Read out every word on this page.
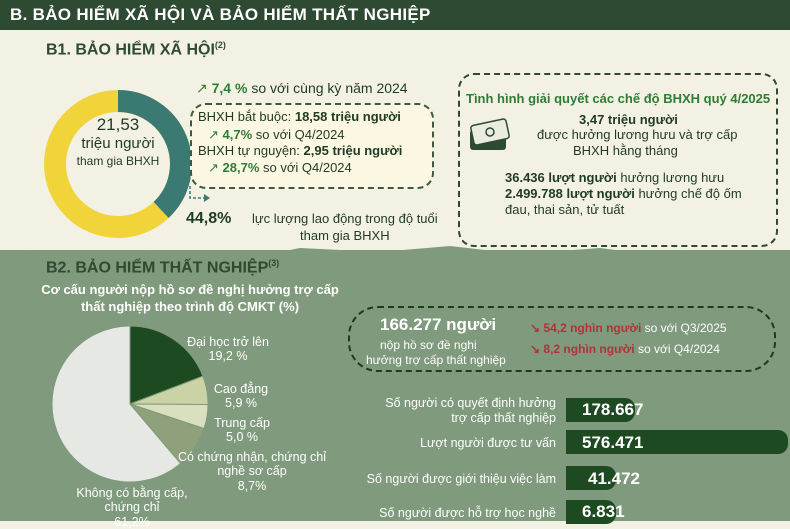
B. BẢO HIỂM XÃ HỘI VÀ BẢO HIỂM THẤT NGHIỆP
B1. BẢO HIỂM XÃ HỘI$^{(2)}$
21,53
triệu người
tham gia BHXH
↗ 7,4 % so với cùng kỳ năm 2024
BHXH bắt buộc: 18,58 triệu người
↗ 4,7% so với Q4/2024
BHXH tự nguyện: 2,95 triệu người
↗ 28,7% so với Q4/2024
44,8% lực lượng lao động trong độ tuổi
tham gia BHXH
Tình hình giải quyết các chế độ BHXH quý 4/2025
3,47 triệu người
được hưởng lương hưu và trợ cấp
BHXH hằng tháng
36.436 lượt người hưởng lương hưu
2.499.788 lượt người hưởng chế độ ốm
đau, thai sản, tử tuất
B2. BẢO HIỂM THẤT NGHIỆP$^{(3)}$
Cơ cấu người nộp hồ sơ đề nghị hưởng trợ cấp
thất nghiệp theo trình độ CMKT (%)
Đại học trở lên
19,2 %
Cao đẳng
5,9 %
Trung cấp
5,0 %
Có chứng nhận, chứng chỉ nghề sơ cấp
8,7%
Không có bằng cấp, chứng chỉ
61,2%
166.277 người
nộp hồ sơ đề nghị
hưởng trợ cấp thất nghiệp
↘ 54,2 nghìn người so với Q3/2025
↘ 8,2 nghìn người so với Q4/2024
Số người có quyết định hưởng
trợ cấp thất nghiệp 178.667
Lượt người được tư vấn 576.471
Số người được giới thiệu việc làm 41.472
Số người được hỗ trợ học nghề 6.831
